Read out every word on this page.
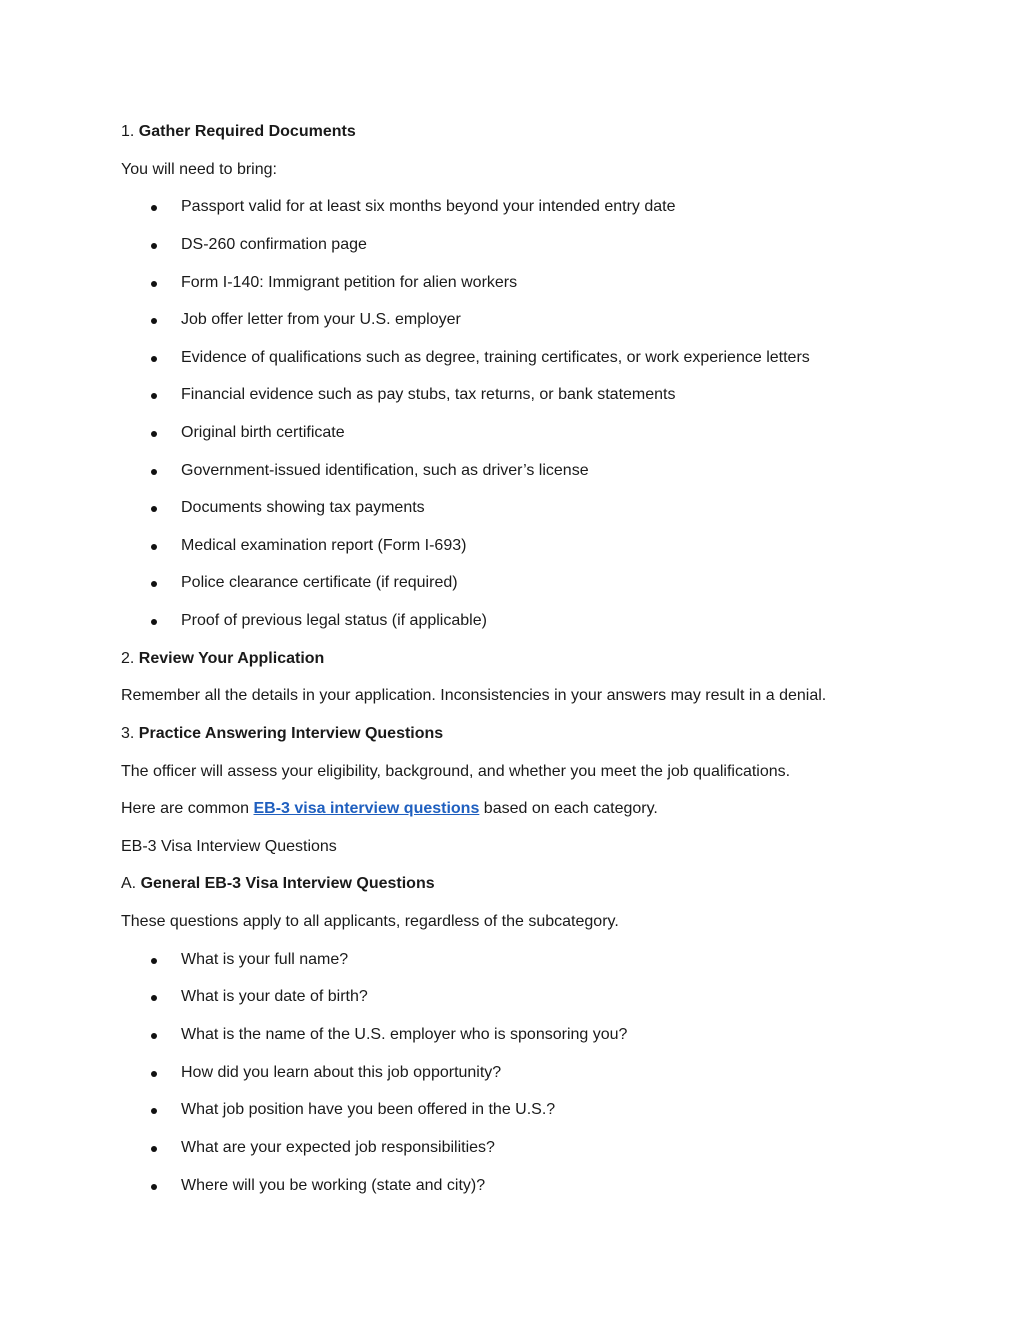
1. Gather Required Documents
You will need to bring:
Passport valid for at least six months beyond your intended entry date
DS-260 confirmation page
Form I-140: Immigrant petition for alien workers
Job offer letter from your U.S. employer
Evidence of qualifications such as degree, training certificates, or work experience letters
Financial evidence such as pay stubs, tax returns, or bank statements
Original birth certificate
Government-issued identification, such as driver’s license
Documents showing tax payments
Medical examination report (Form I-693)
Police clearance certificate (if required)
Proof of previous legal status (if applicable)
2. Review Your Application
Remember all the details in your application. Inconsistencies in your answers may result in a denial.
3. Practice Answering Interview Questions
The officer will assess your eligibility, background, and whether you meet the job qualifications.
Here are common EB-3 visa interview questions based on each category.
EB-3 Visa Interview Questions
A. General EB-3 Visa Interview Questions
These questions apply to all applicants, regardless of the subcategory.
What is your full name?
What is your date of birth?
What is the name of the U.S. employer who is sponsoring you?
How did you learn about this job opportunity?
What job position have you been offered in the U.S.?
What are your expected job responsibilities?
Where will you be working (state and city)?
